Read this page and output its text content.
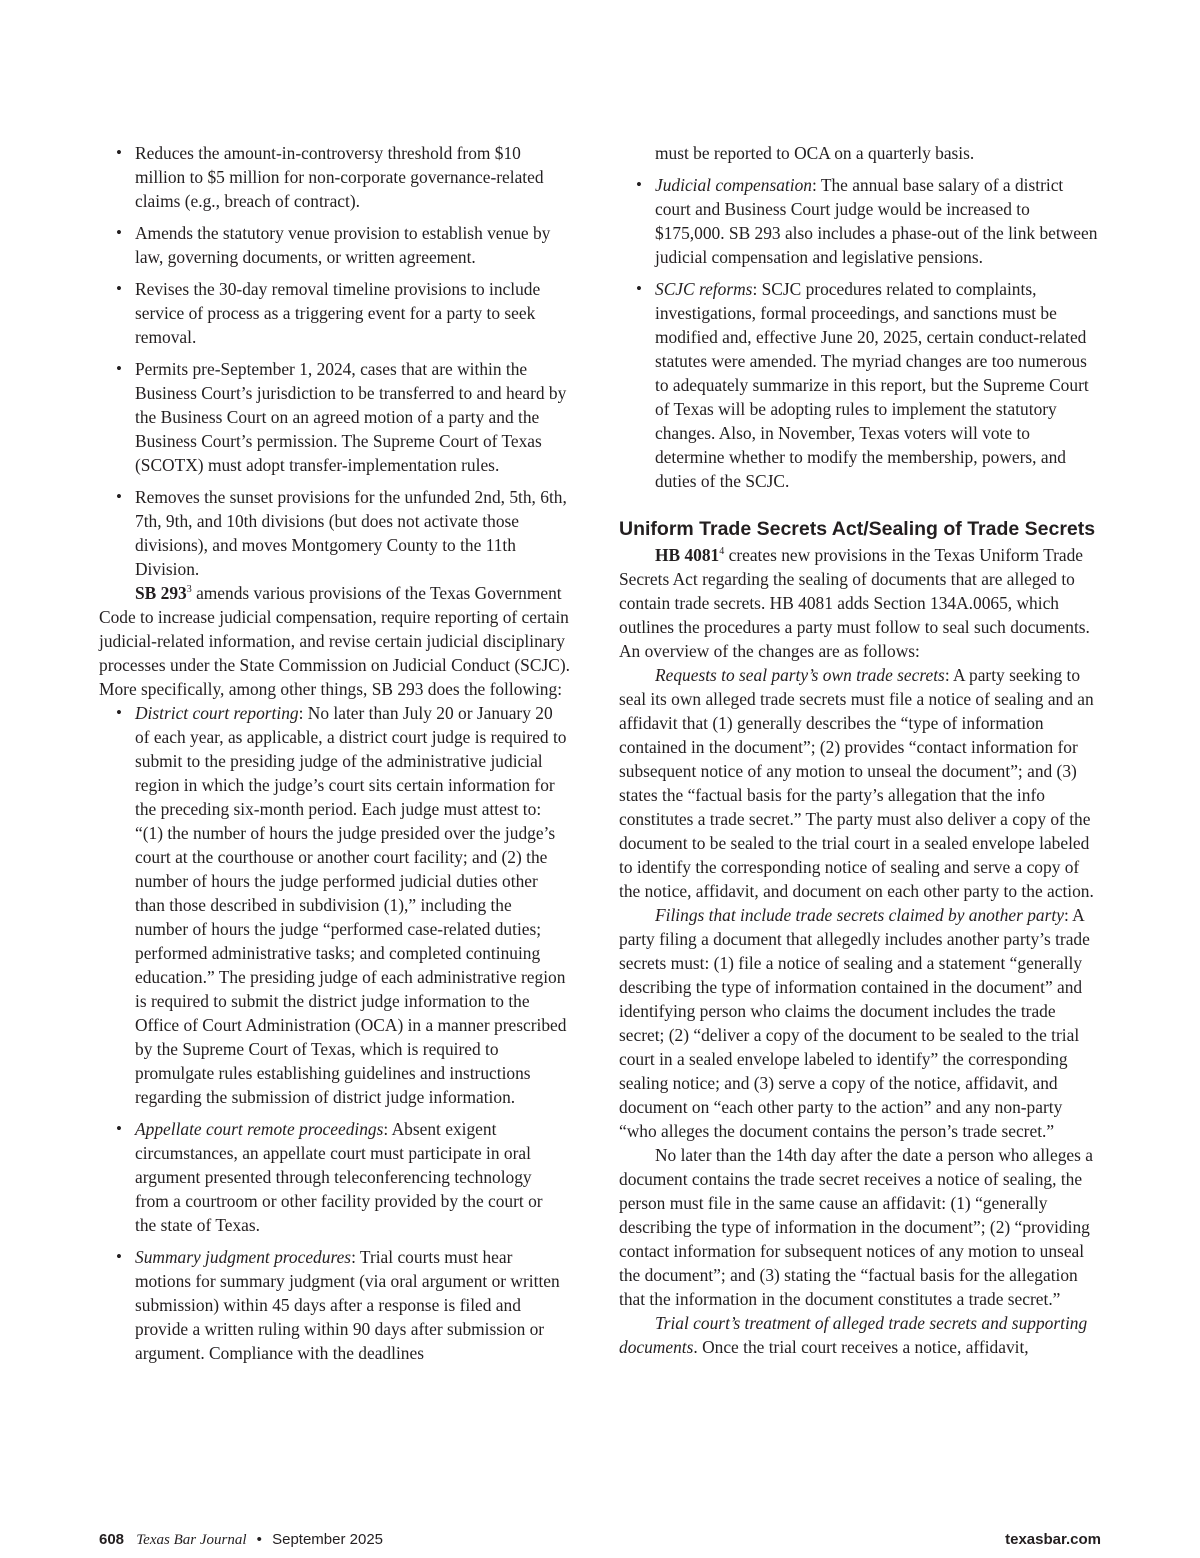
• Reduces the amount-in-controversy threshold from $10 million to $5 million for non-corporate governance-related claims (e.g., breach of contract).
• Amends the statutory venue provision to establish venue by law, governing documents, or written agreement.
• Revises the 30-day removal timeline provisions to include service of process as a triggering event for a party to seek removal.
• Permits pre-September 1, 2024, cases that are within the Business Court’s jurisdiction to be transferred to and heard by the Business Court on an agreed motion of a party and the Business Court’s permission. The Supreme Court of Texas (SCOTX) must adopt transfer-implementation rules.
• Removes the sunset provisions for the unfunded 2nd, 5th, 6th, 7th, 9th, and 10th divisions (but does not activate those divisions), and moves Montgomery County to the 11th Division.

SB $293^3$ amends various provisions of the Texas Government Code to increase judicial compensation, require reporting of certain judicial-related information, and revise certain judicial disciplinary processes under the State Commission on Judicial Conduct (SCJC). More specifically, among other things, SB 293 does the following:

• District court reporting: No later than July 20 or January 20 of each year, as applicable, a district court judge is required to submit to the presiding judge of the administrative judicial region in which the judge’s court sits certain information for the preceding six-month period. Each judge must attest to: “(1) the number of hours the judge presided over the judge’s court at the courthouse or another court facility; and (2) the number of hours the judge performed judicial duties other than those described in subdivision (1),” including the number of hours the judge “performed case-related duties; performed administrative tasks; and completed continuing education.” The presiding judge of each administrative region is required to submit the district judge information to the Office of Court Administration (OCA) in a manner prescribed by the Supreme Court of Texas, which is required to promulgate rules establishing guidelines and instructions regarding the submission of district judge information.
• Appellate court remote proceedings: Absent exigent circumstances, an appellate court must participate in oral argument presented through teleconferencing technology from a courtroom or other facility provided by the court or the state of Texas.
• Summary judgment procedures: Trial courts must hear motions for summary judgment (via oral argument or written submission) within 45 days after a response is filed and provide a written ruling within 90 days after submission or argument. Compliance with the deadlines

must be reported to OCA on a quarterly basis.

• Judicial compensation: The annual base salary of a district court and Business Court judge would be increased to $175,000. SB 293 also includes a phase-out of the link between judicial compensation and legislative pensions.
• SCJC reforms: SCJC procedures related to complaints, investigations, formal proceedings, and sanctions must be modified and, effective June 20, 2025, certain conduct-related statutes were amended. The myriad changes are too numerous to adequately summarize in this report, but the Supreme Court of Texas will be adopting rules to implement the statutory changes. Also, in November, Texas voters will vote to determine whether to modify the membership, powers, and duties of the SCJC.
Uniform Trade Secrets Act/Sealing of Trade Secrets

HB 4081$^4$ creates new provisions in the Texas Uniform Trade Secrets Act regarding the sealing of documents that are alleged to contain trade secrets. HB 4081 adds Section 134A.0065, which outlines the procedures a party must follow to seal such documents. An overview of the changes are as follows:

Requests to seal party’s own trade secrets: A party seeking to seal its own alleged trade secrets must file a notice of sealing and an affidavit that (1) generally describes the “type of information contained in the document”; (2) provides “contact information for subsequent notice of any motion to unseal the document”; and (3) states the “factual basis for the party’s allegation that the info constitutes a trade secret.” The party must also deliver a copy of the document to be sealed to the trial court in a sealed envelope labeled to identify the corresponding notice of sealing and serve a copy of the notice, affidavit, and document on each other party to the action.

Filings that include trade secrets claimed by another party: A party filing a document that allegedly includes another party’s trade secrets must: (1) file a notice of sealing and a statement “generally describing the type of information contained in the document” and identifying person who claims the document includes the trade secret; (2) “deliver a copy of the document to be sealed to the trial court in a sealed envelope labeled to identify” the corresponding sealing notice; and (3) serve a copy of the notice, affidavit, and document on “each other party to the action” and any non-party “who alleges the document contains the person’s trade secret.”

No later than the 14th day after the date a person who alleges a document contains the trade secret receives a notice of sealing, the person must file in the same cause an affidavit: (1) “generally describing the type of information in the document”; (2) “providing contact information for subsequent notices of any motion to unseal the document”; and (3) stating the “factual basis for the allegation that the information in the document constitutes a trade secret.”

Trial court’s treatment of alleged trade secrets and supporting documents. Once the trial court receives a notice, affidavit,

608 Texas Bar Journal • September 2025	texasbar.com
